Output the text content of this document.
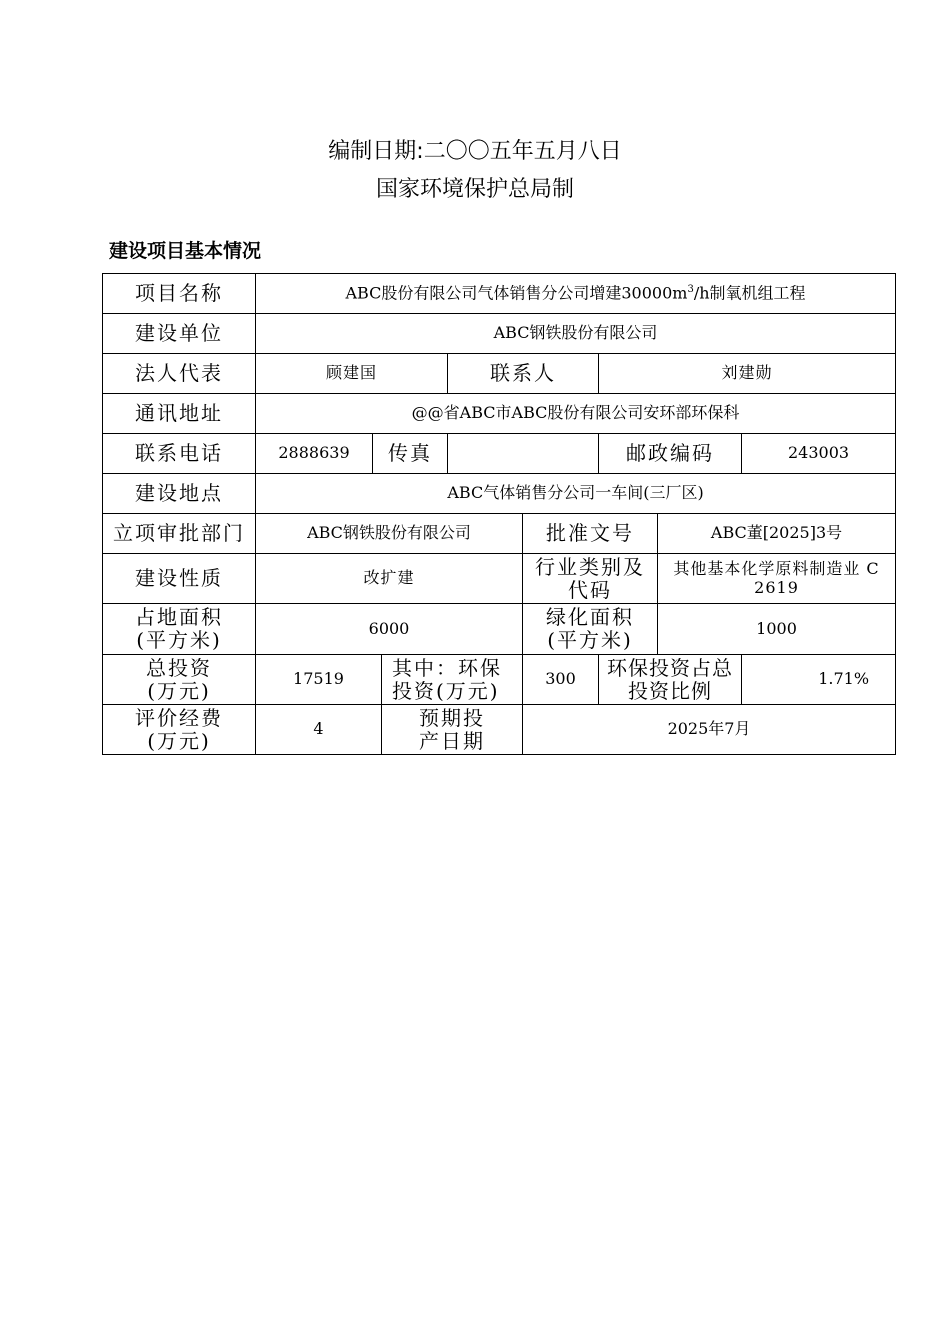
编制日期:二〇〇五年五月八日
国家环境保护总局制
建设项目基本情况
项目名称	ABC股份有限公司气体销售分公司增建$30000m^3/h$制氧机组工程							
建设单位	ABC钢铁股份有限公司							
法人代表	顾建国			联系人		刘建勋		
通讯地址	@@省ABC市ABC股份有限公司安环部环保科							
联系电话	2888639	传真				邮政编码		243003
建设地点	ABC气体销售分公司一车间(三厂区)							
立项审批部门	ABC钢铁股份有限公司				批准文号		ABC董[2025]3号	
建设性质	改扩建				行业类别及代码		其他基本化学原料制造业 C 2619	
占地面积(平方米)	6000				绿化面积(平方米)		1000	
总投资(万元)	17519		其中：环保投资(万元)		300	环保投资占总投资比例		1.71%
评价经费(万元)	4		预期投产日期		2025年7月			
